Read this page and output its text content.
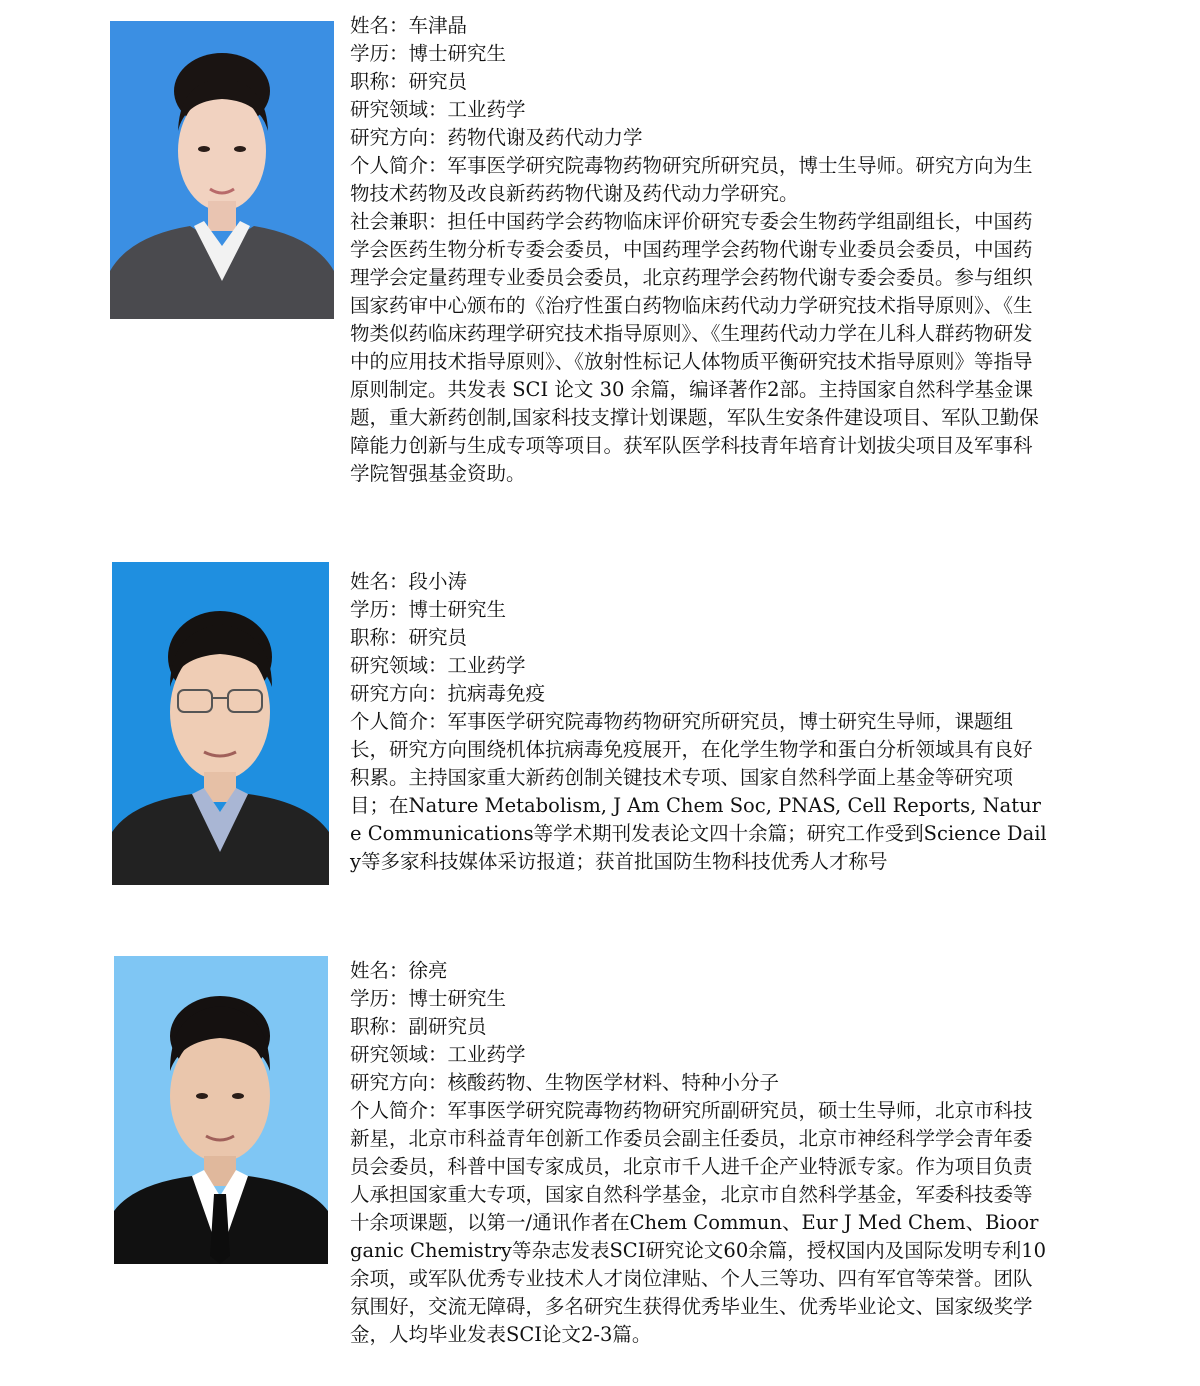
姓名：车津晶

学历：博士研究生

职称：研究员

研究领域：工业药学

研究方向：药物代谢及药代动力学

个人简介：军事医学研究院毒物药物研究所研究员，博士生导师。研究方向为生物技术药物及改良新药药物代谢及药代动力学研究。

社会兼职：担任中国药学会药物临床评价研究专委会生物药学组副组长，中国药学会医药生物分析专委会委员，中国药理学会药物代谢专业委员会委员，中国药理学会定量药理专业委员会委员，北京药理学会药物代谢专委会委员。参与组织国家药审中心颁布的《治疗性蛋白药物临床药代动力学研究技术指导原则》、《生物类似药临床药理学研究技术指导原则》、《生理药代动力学在儿科人群药物研发中的应用技术指导原则》、《放射性标记人体物质平衡研究技术指导原则》等指导原则制定。共发表 SCI 论文 30 余篇，编译著作2部。主持国家自然科学基金课题，重大新药创制,国家科技支撑计划课题，军队生安条件建设项目、军队卫勤保障能力创新与生成专项等项目。获军队医学科技青年培育计划拔尖项目及军事科学院智强基金资助。

姓名：段小涛

学历：博士研究生

职称：研究员

研究领域：工业药学

研究方向：抗病毒免疫

个人简介：军事医学研究院毒物药物研究所研究员，博士研究生导师，课题组长，研究方向围绕机体抗病毒免疫展开，在化学生物学和蛋白分析领域具有良好积累。主持国家重大新药创制关键技术专项、国家自然科学面上基金等研究项目；在Nature Metabolism, J Am Chem Soc, PNAS, Cell Reports, Nature Communications等学术期刊发表论文四十余篇；研究工作受到Science Daily等多家科技媒体采访报道；获首批国防生物科技优秀人才称号

姓名：徐亮

学历：博士研究生

职称：副研究员

研究领域：工业药学

研究方向：核酸药物、生物医学材料、特种小分子

个人简介：军事医学研究院毒物药物研究所副研究员，硕士生导师，北京市科技新星，北京市科益青年创新工作委员会副主任委员，北京市神经科学学会青年委员会委员，科普中国专家成员，北京市千人进千企产业特派专家。作为项目负责人承担国家重大专项，国家自然科学基金，北京市自然科学基金，军委科技委等十余项课题，以第一/通讯作者在Chem Commun、Eur J Med Chem、Bioorganic Chemistry等杂志发表SCI研究论文60余篇，授权国内及国际发明专利10余项，或军队优秀专业技术人才岗位津贴、个人三等功、四有军官等荣誉。团队氛围好，交流无障碍，多名研究生获得优秀毕业生、优秀毕业论文、国家级奖学金，人均毕业发表SCI论文2-3篇。
